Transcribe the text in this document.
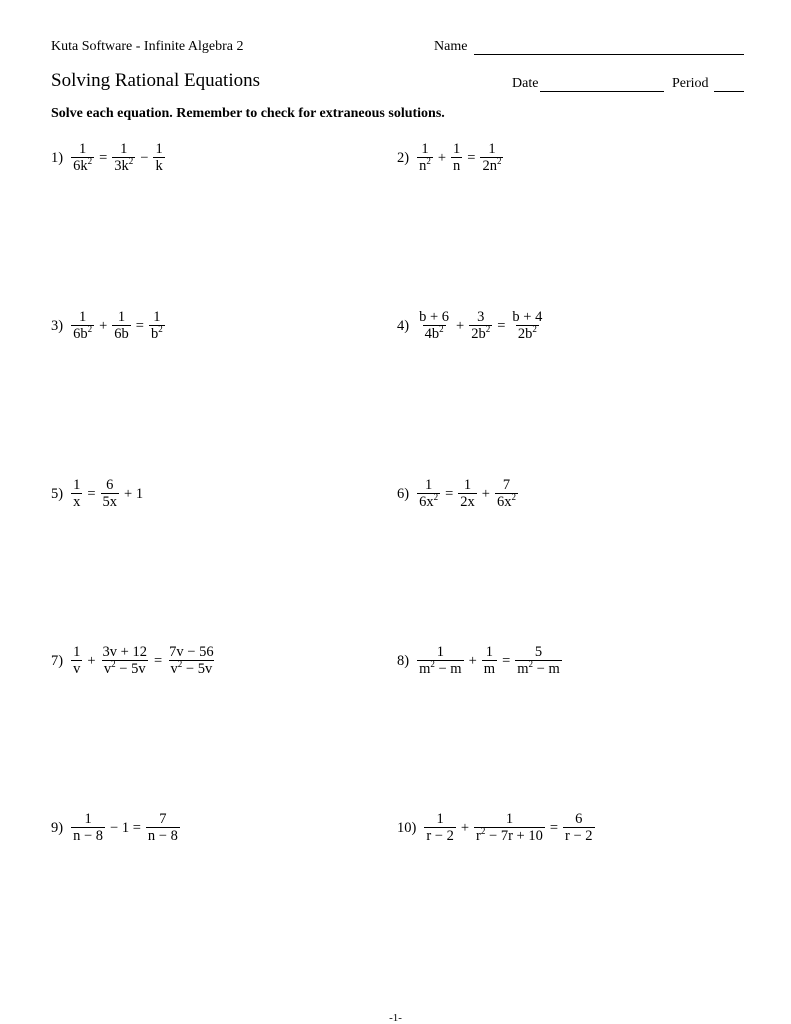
Kuta Software - Infinite Algebra 2
Solving Rational Equations
Name
Date	Period
Solve each equation. Remember to check for extraneous solutions.
$1) \frac{1}{6k^2} = \frac{1}{3k^2} - \frac{1}{k}$	$2) \frac{1}{n^2} + \frac{1}{n} = \frac{1}{2n^2}$
$3) \frac{1}{6b^2} + \frac{1}{6b} = \frac{1}{b^2}$	$4) \frac{b + 6}{4b^2} + \frac{3}{2b^2} = \frac{b + 4}{2b^2}$
$5) \frac{1}{x} = \frac{6}{5x} + 1$	$6) \frac{1}{6x^2} = \frac{1}{2x} + \frac{7}{6x^2}$
$7) \frac{1}{v} + \frac{3v + 12}{v^2 - 5v} = \frac{7v - 56}{v^2 - 5v}$	$8) \frac{1}{m^2 - m} + \frac{1}{m} = \frac{5}{m^2 - m}$
$9) \frac{1}{n - 8} - 1 = \frac{7}{n - 8}$	$10) \frac{1}{r - 2} + \frac{1}{r^2 - 7r + 10} = \frac{6}{r - 2}$
-1-
